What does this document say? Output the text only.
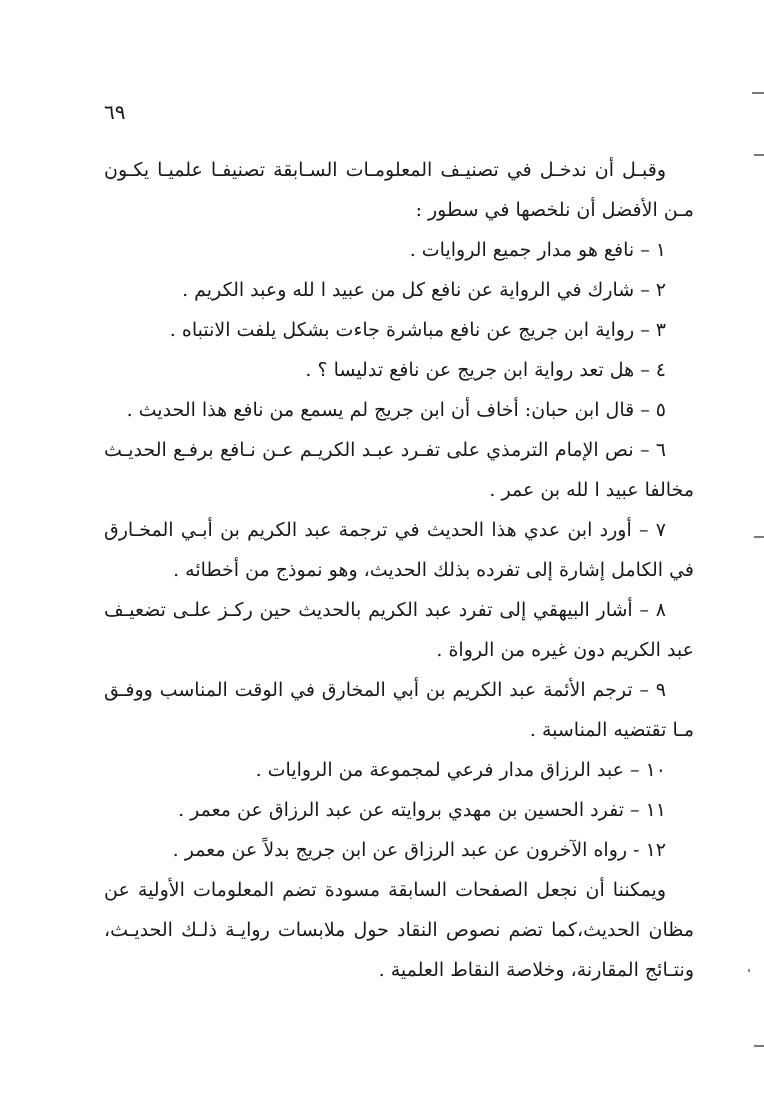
٦٩

وقبـل أن ندخـل في تصنيـف المعلومـات السـابقة تصنيفـا علميـا يكـون مـن الأفضل أن نلخصها في سطور :

١ – نافع هو مدار جميع الروايات .

٢ – شارك في الرواية عن نافع كل من عبيد ا لله وعبد الكريم .

٣ – رواية ابن جريج عن نافع مباشرة جاءت بشكل يلفت الانتباه .

٤ – هل تعد رواية ابن جريج عن نافع تدليسا ؟ .

٥ – قال ابن حبان: أخاف أن ابن جريج لم يسمع من نافع هذا الحديث .

٦ – نص الإمام الترمذي على تفـرد عبـد الكريـم عـن نـافع برفـع الحديـث مخالفا عبيد ا لله بن عمر .

٧ – أورد ابن عدي هذا الحديث في ترجمة عبد الكريم بن أبـي المخـارق في الكامل إشارة إلى تفرده بذلك الحديث، وهو نموذج من أخطائه .

٨ – أشار البيهقي إلى تفرد عبد الكريم بالحديث حين ركـز علـى تضعيـف عبد الكريم دون غيره من الرواة .

٩ – ترجم الأئمة عبد الكريم بن أبي المخارق في الوقت المناسب ووفـق مـا تقتضيه المناسبة .

١٠ – عبد الرزاق مدار فرعي لمجموعة من الروايات .

١١ – تفرد الحسين بن مهدي بروايته عن عبد الرزاق عن معمر .

١٢ - رواه الآخرون عن عبد الرزاق عن ابن جريج بدلاً عن معمر .

ويمكننا أن نجعل الصفحات السابقة مسودة تضم المعلومات الأولية عن مظان الحديث،كما تضم نصوص النقاد حول ملابسات روايـة ذلـك الحديـث، ونتـائج المقارنة، وخلاصة النقاط العلمية .
